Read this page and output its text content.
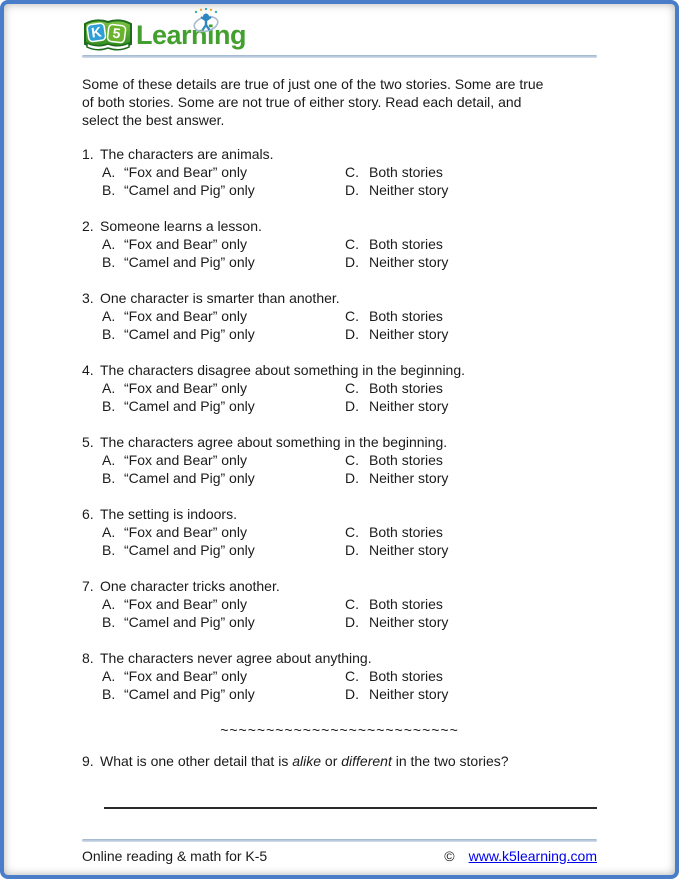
K 5 Learning
Some of these details are true of just one of the two stories. Some are true
of both stories. Some are not true of either story. Read each detail, and
select the best answer.
1. The characters are animals.
A. “Fox and Bear” only	C. Both stories
B. “Camel and Pig” only	D. Neither story
2. Someone learns a lesson.
A. “Fox and Bear” only	C. Both stories
B. “Camel and Pig” only	D. Neither story
3. One character is smarter than another.
A. “Fox and Bear” only	C. Both stories
B. “Camel and Pig” only	D. Neither story
4. The characters disagree about something in the beginning.
A. “Fox and Bear” only	C. Both stories
B. “Camel and Pig” only	D. Neither story
5. The characters agree about something in the beginning.
A. “Fox and Bear” only	C. Both stories
B. “Camel and Pig” only	D. Neither story
6. The setting is indoors.
A. “Fox and Bear” only	C. Both stories
B. “Camel and Pig” only	D. Neither story
7. One character tricks another.
A. “Fox and Bear” only	C. Both stories
B. “Camel and Pig” only	D. Neither story
8. The characters never agree about anything.
A. “Fox and Bear” only	C. Both stories
B. “Camel and Pig” only	D. Neither story
~~~~~~~~~~~~~~~~~~~~~~~~~~
9. What is one other detail that is alike or different in the two stories?
Online reading & math for K-5	© www.k5learning.com
